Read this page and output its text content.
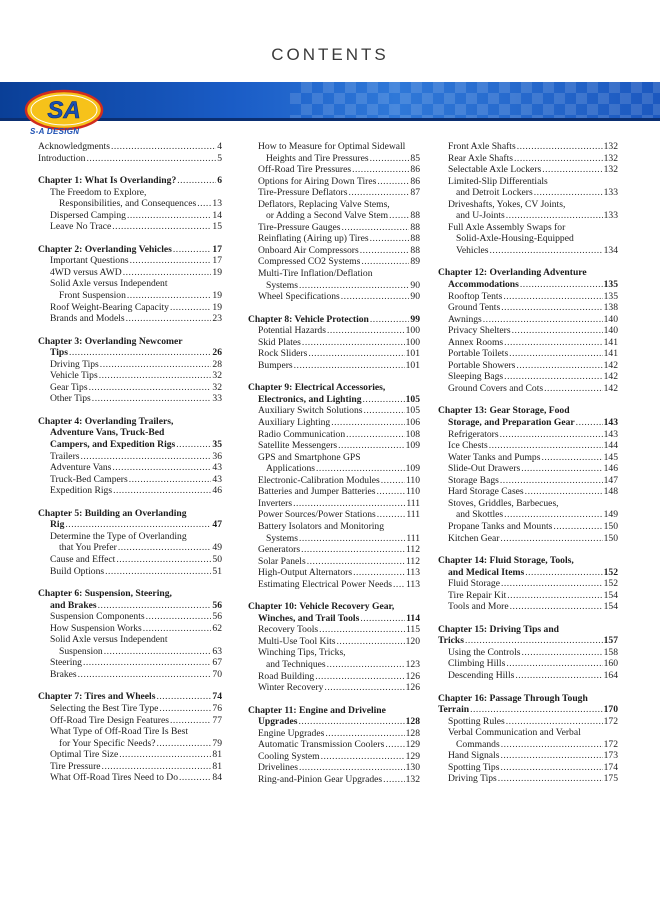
CONTENTS
SA
S-A DESIGN
Acknowledgments .....	4
Introduction .....	5
Chapter 1: What Is Overlanding? .....	6
The Freedom to Explore,
Responsibilities, and Consequences ..... 13
Dispersed Camping .....	14
Leave No Trace .....	15
Chapter 2: Overlanding Vehicles .....	17
Important Questions .....	17
4WD versus AWD .....	19
Solid Axle versus Independent
Front Suspension .....	19
Roof Weight-Bearing Capacity .....	19
Brands and Models .....	23
Chapter 3: Overlanding Newcomer
Tips .....	26
Driving Tips .....	28
Vehicle Tips .....	32
Gear Tips .....	32
Other Tips .....	33
Chapter 4: Overlanding Trailers,
Adventure Vans, Truck-Bed
Campers, and Expedition Rigs .....	35
Trailers .....	36
Adventure Vans .....	43
Truck-Bed Campers .....	43
Expedition Rigs .....	46
Chapter 5: Building an Overlanding
Rig .....	47
Determine the Type of Overlanding
that You Prefer .....	49
Cause and Effect .....	50
Build Options .....	51
Chapter 6: Suspension, Steering,
and Brakes .....	56
Suspension Components .....	56
How Suspension Works .....	62
Solid Axle versus Independent
Suspension .....	63
Steering .....	67
Brakes .....	70
Chapter 7: Tires and Wheels .....	74
Selecting the Best Tire Type .....	76
Off-Road Tire Design Features .....	77
What Type of Off-Road Tire Is Best
for Your Specific Needs? .....	79
Optimal Tire Size .....	81
Tire Pressure .....	81
What Off-Road Tires Need to Do .....	84
How to Measure for Optimal Sidewall
Heights and Tire Pressures .....	85
Off-Road Tire Pressures .....	86
Options for Airing Down Tires .....	86
Tire-Pressure Deflators .....	87
Deflators, Replacing Valve Stems,
or Adding a Second Valve Stem ..... 88
Tire-Pressure Gauges .....	88
Reinflating (Airing up) Tires .....	88
Onboard Air Compressors .....	88
Compressed CO2 Systems .....	89
Multi-Tire Inflation/Deflation
Systems .....	90
Wheel Specifications .....	90
Chapter 8: Vehicle Protection .....	99
Potential Hazards .....	100
Skid Plates .....	100
Rock Sliders .....	101
Bumpers .....	101
Chapter 9: Electrical Accessories,
Electronics, and Lighting .....	105
Auxiliary Switch Solutions .....	105
Auxiliary Lighting .....	106
Radio Communication .....	108
Satellite Messengers .....	109
GPS and Smartphone GPS
Applications .....	109
Electronic-Calibration Modules .....	110
Batteries and Jumper Batteries .....	110
Inverters .....	111
Power Sources/Power Stations .....	111
Battery Isolators and Monitoring
Systems .....	111
Generators .....	112
Solar Panels .....	112
High-Output Alternators .....	113
Estimating Electrical Power Needs ..... 113
Chapter 10: Vehicle Recovery Gear,
Winches, and Trail Tools .....	114
Recovery Tools .....	115
Multi-Use Tool Kits .....	120
Winching Tips, Tricks,
and Techniques .....	123
Road Building .....	126
Winter Recovery .....	126
Chapter 11: Engine and Driveline
Upgrades .....	128
Engine Upgrades .....	128
Automatic Transmission Coolers ..... 129
Cooling System .....	129
Drivelines .....	130
Ring-and-Pinion Gear Upgrades ..... 132
Front Axle Shafts .....	132
Rear Axle Shafts .....	132
Selectable Axle Lockers .....	132
Limited-Slip Differentials
and Detroit Lockers .....	133
Driveshafts, Yokes, CV Joints,
and U-Joints .....	133
Full Axle Assembly Swaps for
Solid-Axle-Housing-Equipped
Vehicles .....	134
Chapter 12: Overlanding Adventure
Accommodations .....	135
Rooftop Tents .....	135
Ground Tents .....	138
Awnings .....	140
Privacy Shelters .....	140
Annex Rooms .....	141
Portable Toilets .....	141
Portable Showers .....	142
Sleeping Bags .....	142
Ground Covers and Cots .....	142
Chapter 13: Gear Storage, Food
Storage, and Preparation Gear .....	143
Refrigerators .....	143
Ice Chests .....	144
Water Tanks and Pumps .....	145
Slide-Out Drawers .....	146
Storage Bags .....	147
Hard Storage Cases .....	148
Stoves, Griddles, Barbecues,
and Skottles .....	149
Propane Tanks and Mounts .....	150
Kitchen Gear .....	150
Chapter 14: Fluid Storage, Tools,
and Medical Items .....	152
Fluid Storage .....	152
Tire Repair Kit .....	154
Tools and More .....	154
Chapter 15: Driving Tips and
Tricks .....	157
Using the Controls .....	158
Climbing Hills .....	160
Descending Hills .....	164
Chapter 16: Passage Through Tough
Terrain .....	170
Spotting Rules .....	172
Verbal Communication and Verbal
Commands .....	172
Hand Signals .....	173
Spotting Tips .....	174
Driving Tips .....	175
